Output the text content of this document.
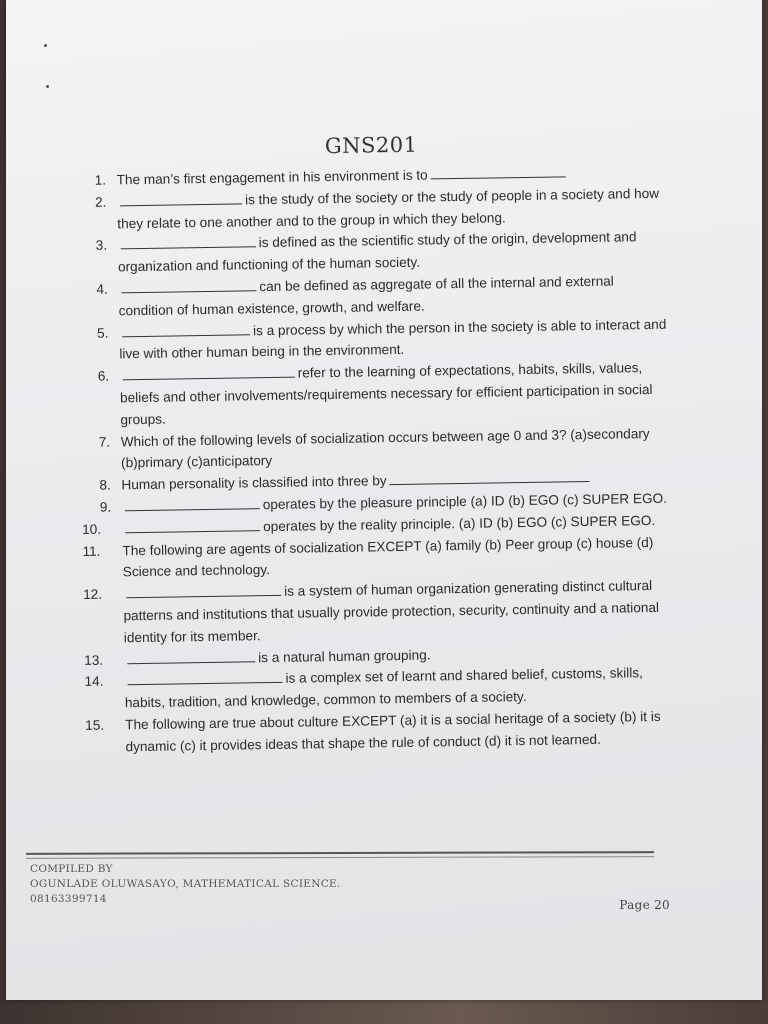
GNS201
1. The man’s first engagement in his environment is to
2.	is the study of the society or the study of people in a society and how they relate to one another and to the group in which they belong.
3.	is defined as the scientific study of the origin, development and organization and functioning of the human society.
4.	can be defined as aggregate of all the internal and external condition of human existence, growth, and welfare.
5.	is a process by which the person in the society is able to interact and live with other human being in the environment.
6.	refer to the learning of expectations, habits, skills, values, beliefs and other involvements/requirements necessary for efficient participation in social groups.
7. Which of the following levels of socialization occurs between age 0 and 3? (a)secondary (b)primary (c)anticipatory
8. Human personality is classified into three by
9.	operates by the pleasure principle (a) ID (b) EGO (c) SUPER EGO.
10.	operates by the reality principle. (a) ID (b) EGO (c) SUPER EGO.
11. The following are agents of socialization EXCEPT (a) family (b) Peer group (c) house (d) Science and technology.
12.	is a system of human organization generating distinct cultural patterns and institutions that usually provide protection, security, continuity and a national identity for its member.
13.	is a natural human grouping.
14.	is a complex set of learnt and shared belief, customs, skills, habits, tradition, and knowledge, common to members of a society.
15. The following are true about culture EXCEPT (a) it is a social heritage of a society (b) it is dynamic (c) it provides ideas that shape the rule of conduct (d) it is not learned.
COMPILED BY
OGUNLADE OLUWASAYO, MATHEMATICAL SCIENCE.
08163399714	Page 20
